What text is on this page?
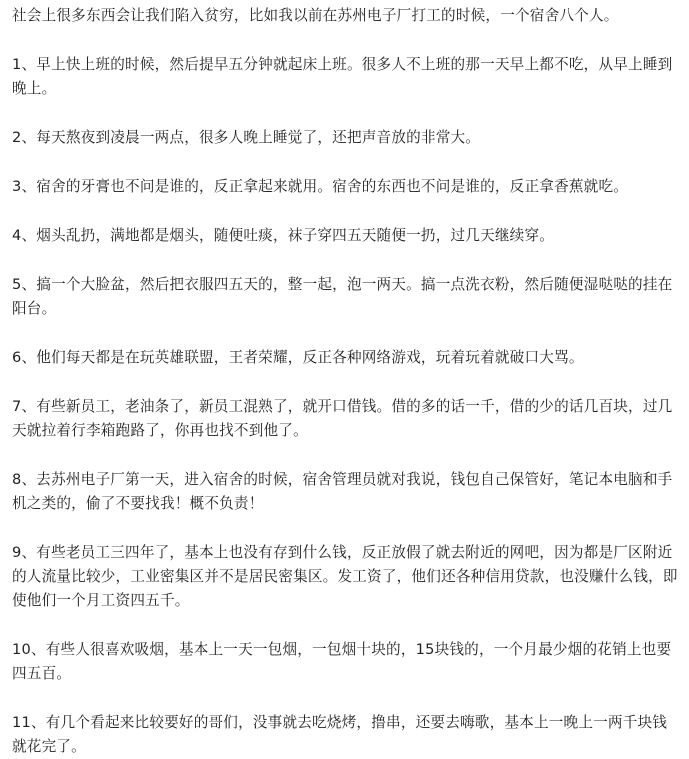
社会上很多东西会让我们陷入贫穷，比如我以前在苏州电子厂打工的时候，一个宿舍八个人。

1、早上快上班的时候，然后提早五分钟就起床上班。很多人不上班的那一天早上都不吃，从早上睡到晚上。

2、每天熬夜到凌晨一两点，很多人晚上睡觉了，还把声音放的非常大。

3、宿舍的牙膏也不问是谁的，反正拿起来就用。宿舍的东西也不问是谁的，反正拿香蕉就吃。

4、烟头乱扔，满地都是烟头，随便吐痰，袜子穿四五天随便一扔，过几天继续穿。

5、搞一个大脸盆，然后把衣服四五天的，整一起，泡一两天。搞一点洗衣粉，然后随便湿哒哒的挂在阳台。

6、他们每天都是在玩英雄联盟，王者荣耀，反正各种网络游戏，玩着玩着就破口大骂。

7、有些新员工，老油条了，新员工混熟了，就开口借钱。借的多的话一千，借的少的话几百块，过几天就拉着行李箱跑路了，你再也找不到他了。

8、去苏州电子厂第一天，进入宿舍的时候，宿舍管理员就对我说，钱包自己保管好，笔记本电脑和手机之类的，偷了不要找我！概不负责！

9、有些老员工三四年了，基本上也没有存到什么钱，反正放假了就去附近的网吧，因为都是厂区附近的人流量比较少，工业密集区并不是居民密集区。发工资了，他们还各种信用贷款，也没赚什么钱，即使他们一个月工资四五千。

10、有些人很喜欢吸烟，基本上一天一包烟，一包烟十块的，15块钱的，一个月最少烟的花销上也要四五百。

11、有几个看起来比较要好的哥们，没事就去吃烧烤，撸串，还要去嗨歌，基本上一晚上一两千块钱就花完了。
